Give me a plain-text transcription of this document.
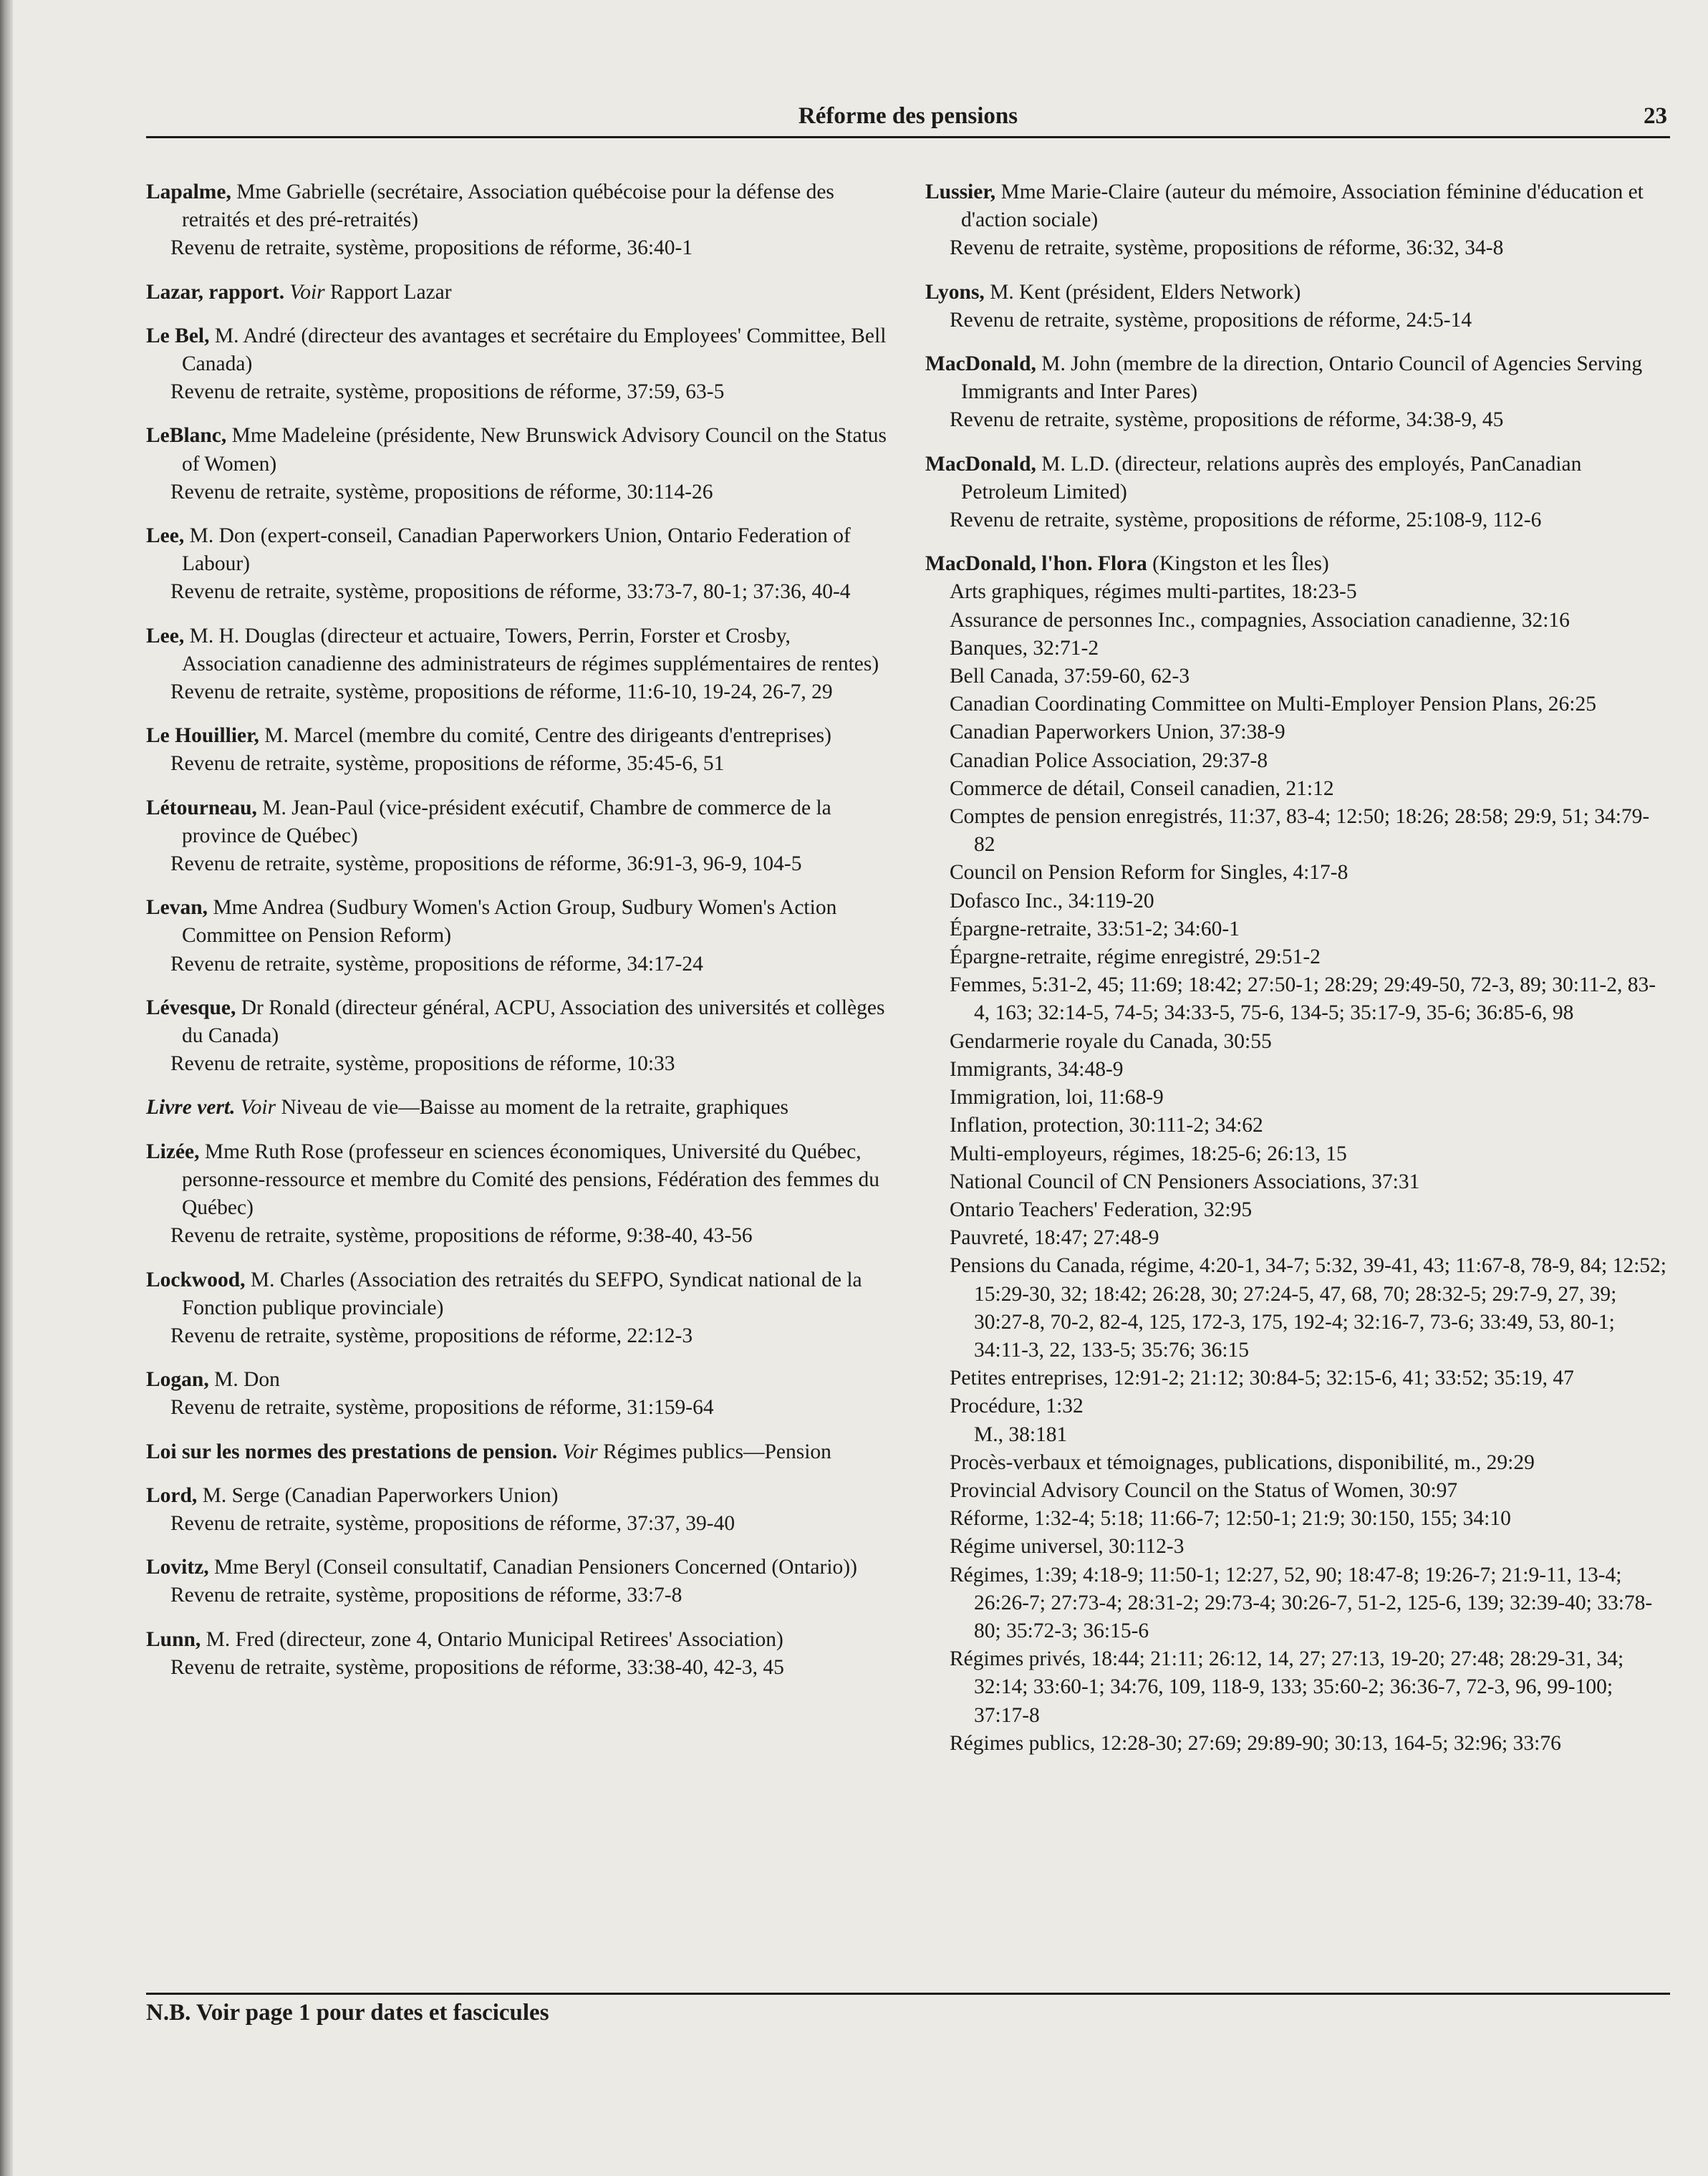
Réforme des pensions	23
Lapalme, Mme Gabrielle (secrétaire, Association québécoise pour la défense des retraités et des pré-retraités)
Revenu de retraite, système, propositions de réforme, 36:40-1
Lazar, rapport. Voir Rapport Lazar
Le Bel, M. André (directeur des avantages et secrétaire du Employees' Committee, Bell Canada)
Revenu de retraite, système, propositions de réforme, 37:59, 63-5
LeBlanc, Mme Madeleine (présidente, New Brunswick Advisory Council on the Status of Women)
Revenu de retraite, système, propositions de réforme, 30:114-26
Lee, M. Don (expert-conseil, Canadian Paperworkers Union, Ontario Federation of Labour)
Revenu de retraite, système, propositions de réforme, 33:73-7, 80-1; 37:36, 40-4
Lee, M. H. Douglas (directeur et actuaire, Towers, Perrin, Forster et Crosby, Association canadienne des administrateurs de régimes supplémentaires de rentes)
Revenu de retraite, système, propositions de réforme, 11:6-10, 19-24, 26-7, 29
Le Houillier, M. Marcel (membre du comité, Centre des dirigeants d'entreprises)
Revenu de retraite, système, propositions de réforme, 35:45-6, 51
Létourneau, M. Jean-Paul (vice-président exécutif, Chambre de commerce de la province de Québec)
Revenu de retraite, système, propositions de réforme, 36:91-3, 96-9, 104-5
Levan, Mme Andrea (Sudbury Women's Action Group, Sudbury Women's Action Committee on Pension Reform)
Revenu de retraite, système, propositions de réforme, 34:17-24
Lévesque, Dr Ronald (directeur général, ACPU, Association des universités et collèges du Canada)
Revenu de retraite, système, propositions de réforme, 10:33
Livre vert. Voir Niveau de vie—Baisse au moment de la retraite, graphiques
Lizée, Mme Ruth Rose (professeur en sciences économiques, Université du Québec, personne-ressource et membre du Comité des pensions, Fédération des femmes du Québec)
Revenu de retraite, système, propositions de réforme, 9:38-40, 43-56
Lockwood, M. Charles (Association des retraités du SEFPO, Syndicat national de la Fonction publique provinciale)
Revenu de retraite, système, propositions de réforme, 22:12-3
Logan, M. Don
Revenu de retraite, système, propositions de réforme, 31:159-64
Loi sur les normes des prestations de pension. Voir Régimes publics—Pension
Lord, M. Serge (Canadian Paperworkers Union)
Revenu de retraite, système, propositions de réforme, 37:37, 39-40
Lovitz, Mme Beryl (Conseil consultatif, Canadian Pensioners Concerned (Ontario))
Revenu de retraite, système, propositions de réforme, 33:7-8
Lunn, M. Fred (directeur, zone 4, Ontario Municipal Retirees' Association)
Revenu de retraite, système, propositions de réforme, 33:38-40, 42-3, 45
Lussier, Mme Marie-Claire (auteur du mémoire, Association féminine d'éducation et d'action sociale)
Revenu de retraite, système, propositions de réforme, 36:32, 34-8
Lyons, M. Kent (président, Elders Network)
Revenu de retraite, système, propositions de réforme, 24:5-14
MacDonald, M. John (membre de la direction, Ontario Council of Agencies Serving Immigrants and Inter Pares)
Revenu de retraite, système, propositions de réforme, 34:38-9, 45
MacDonald, M. L.D. (directeur, relations auprès des employés, PanCanadian Petroleum Limited)
Revenu de retraite, système, propositions de réforme, 25:108-9, 112-6
MacDonald, l'hon. Flora (Kingston et les Îles)
Arts graphiques, régimes multi-partites, 18:23-5
Assurance de personnes Inc., compagnies, Association canadienne, 32:16
Banques, 32:71-2
Bell Canada, 37:59-60, 62-3
Canadian Coordinating Committee on Multi-Employer Pension Plans, 26:25
Canadian Paperworkers Union, 37:38-9
Canadian Police Association, 29:37-8
Commerce de détail, Conseil canadien, 21:12
Comptes de pension enregistrés, 11:37, 83-4; 12:50; 18:26; 28:58; 29:9, 51; 34:79-82
Council on Pension Reform for Singles, 4:17-8
Dofasco Inc., 34:119-20
Épargne-retraite, 33:51-2; 34:60-1
Épargne-retraite, régime enregistré, 29:51-2
Femmes, 5:31-2, 45; 11:69; 18:42; 27:50-1; 28:29; 29:49-50, 72-3, 89; 30:11-2, 83-4, 163; 32:14-5, 74-5; 34:33-5, 75-6, 134-5; 35:17-9, 35-6; 36:85-6, 98
Gendarmerie royale du Canada, 30:55
Immigrants, 34:48-9
Immigration, loi, 11:68-9
Inflation, protection, 30:111-2; 34:62
Multi-employeurs, régimes, 18:25-6; 26:13, 15
National Council of CN Pensioners Associations, 37:31
Ontario Teachers' Federation, 32:95
Pauvreté, 18:47; 27:48-9
Pensions du Canada, régime, 4:20-1, 34-7; 5:32, 39-41, 43; 11:67-8, 78-9, 84; 12:52; 15:29-30, 32; 18:42; 26:28, 30; 27:24-5, 47, 68, 70; 28:32-5; 29:7-9, 27, 39; 30:27-8, 70-2, 82-4, 125, 172-3, 175, 192-4; 32:16-7, 73-6; 33:49, 53, 80-1; 34:11-3, 22, 133-5; 35:76; 36:15
Petites entreprises, 12:91-2; 21:12; 30:84-5; 32:15-6, 41; 33:52; 35:19, 47
Procédure, 1:32
M., 38:181
Procès-verbaux et témoignages, publications, disponibilité, m., 29:29
Provincial Advisory Council on the Status of Women, 30:97
Réforme, 1:32-4; 5:18; 11:66-7; 12:50-1; 21:9; 30:150, 155; 34:10
Régime universel, 30:112-3
Régimes, 1:39; 4:18-9; 11:50-1; 12:27, 52, 90; 18:47-8; 19:26-7; 21:9-11, 13-4; 26:26-7; 27:73-4; 28:31-2; 29:73-4; 30:26-7, 51-2, 125-6, 139; 32:39-40; 33:78-80; 35:72-3; 36:15-6
Régimes privés, 18:44; 21:11; 26:12, 14, 27; 27:13, 19-20; 27:48; 28:29-31, 34; 32:14; 33:60-1; 34:76, 109, 118-9, 133; 35:60-2; 36:36-7, 72-3, 96, 99-100; 37:17-8
Régimes publics, 12:28-30; 27:69; 29:89-90; 30:13, 164-5; 32:96; 33:76
N.B. Voir page 1 pour dates et fascicules
